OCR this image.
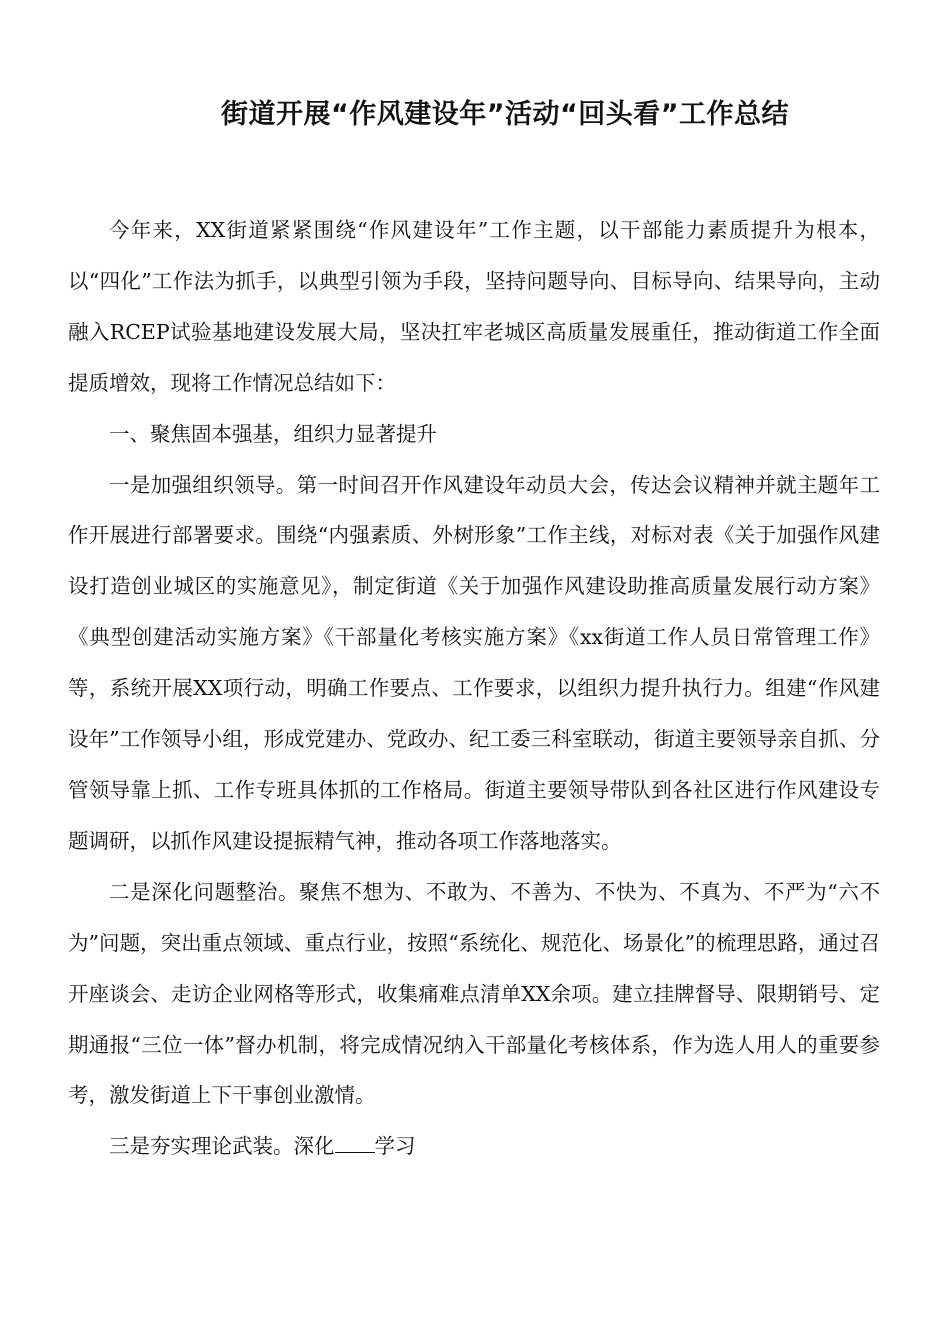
街道开展“作风建设年”活动“回头看”工作总结

今年来，XX街道紧紧围绕“作风建设年”工作主题，以干部能力素质提升为根本，以“四化”工作法为抓手，以典型引领为手段，坚持问题导向、目标导向、结果导向，主动融入RCEP试验基地建设发展大局，坚决扛牢老城区高质量发展重任，推动街道工作全面提质增效，现将工作情况总结如下：

一、聚焦固本强基，组织力显著提升

一是加强组织领导。第一时间召开作风建设年动员大会，传达会议精神并就主题年工作开展进行部署要求。围绕“内强素质、外树形象”工作主线，对标对表《关于加强作风建设打造创业城区的实施意见》，制定街道《关于加强作风建设助推高质量发展行动方案》《典型创建活动实施方案》《干部量化考核实施方案》《xx街道工作人员日常管理工作》等，系统开展XX项行动，明确工作要点、工作要求，以组织力提升执行力。组建“作风建设年”工作领导小组，形成党建办、党政办、纪工委三科室联动，街道主要领导亲自抓、分管领导靠上抓、工作专班具体抓的工作格局。街道主要领导带队到各社区进行作风建设专题调研，以抓作风建设提振精气神，推动各项工作落地落实。

二是深化问题整治。聚焦不想为、不敢为、不善为、不快为、不真为、不严为“六不为”问题，突出重点领域、重点行业，按照“系统化、规范化、场景化”的梳理思路，通过召开座谈会、走访企业网格等形式，收集痛难点清单XX余项。建立挂牌督导、限期销号、定期通报“三位一体”督办机制，将完成情况纳入干部量化考核体系，作为选人用人的重要参考，激发街道上下干事创业激情。

三是夯实理论武装。深化 学习
